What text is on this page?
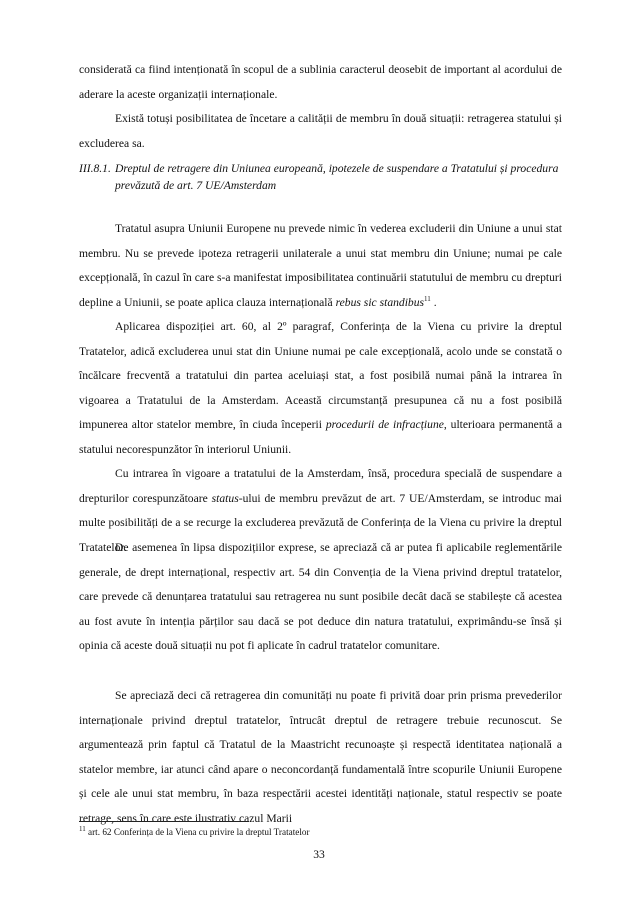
considerată ca fiind intenționată în scopul de a sublinia caracterul deosebit de important al acordului de aderare la aceste organizații internaționale.

Există totuși posibilitatea de încetare a calității de membru în două situații: retragerea statului și excluderea sa.

III.8.1. Dreptul de retragere din Uniunea europeană, ipotezele de suspendare a Tratatului și procedura prevăzută de art. 7 UE/Amsterdam

Tratatul asupra Uniunii Europene nu prevede nimic în vederea excluderii din Uniune a unui stat membru. Nu se prevede ipoteza retragerii unilaterale a unui stat membru din Uniune; numai pe cale excepțională, în cazul în care s-a manifestat imposibilitatea continuării statutului de membru cu drepturi depline a Uniunii, se poate aplica clauza internațională rebus sic standibus$^{11}$ .

Aplicarea dispoziției art. 60, al 2º paragraf, Conferința de la Viena cu privire la dreptul Tratatelor, adică excluderea unui stat din Uniune numai pe cale excepțională, acolo unde se constată o încălcare frecventă a tratatului din partea aceluiași stat, a fost posibilă numai până la intrarea în vigoarea a Tratatului de la Amsterdam. Această circumstanță presupunea că nu a fost posibilă impunerea altor statelor membre, în ciuda începerii procedurii de infracțiune, ulterioara permanentă a statului necorespunzător în interiorul Uniunii.

Cu intrarea în vigoare a tratatului de la Amsterdam, însă, procedura specială de suspendare a drepturilor corespunzătoare status-ului de membru prevăzut de art. 7 UE/Amsterdam, se introduc mai multe posibilități de a se recurge la excluderea prevăzută de Conferința de la Viena cu privire la dreptul Tratatelor.

De asemenea în lipsa dispozițiilor exprese, se apreciază că ar putea fi aplicabile reglementările generale, de drept internațional, respectiv art. 54 din Convenția de la Viena privind dreptul tratatelor, care prevede că denunțarea tratatului sau retragerea nu sunt posibile decât dacă se stabilește că acestea au fost avute în intenția părților sau dacă se pot deduce din natura tratatului, exprimându-se însă și opinia că aceste două situații nu pot fi aplicate în cadrul tratatelor comunitare.

Se apreciază deci că retragerea din comunități nu poate fi privită doar prin prisma prevederilor internaționale privind dreptul tratatelor, întrucât dreptul de retragere trebuie recunoscut. Se argumentează prin faptul că Tratatul de la Maastricht recunoaște și respectă identitatea națională a statelor membre, iar atunci când apare o neconcordanță fundamentală între scopurile Uniunii Europene și cele ale unui stat membru, în baza respectării acestei identități naționale, statul respectiv se poate retrage, sens în care este ilustrativ cazul Marii

$^{11}$ art. 62 Conferința de la Viena cu privire la dreptul Tratatelor

33
